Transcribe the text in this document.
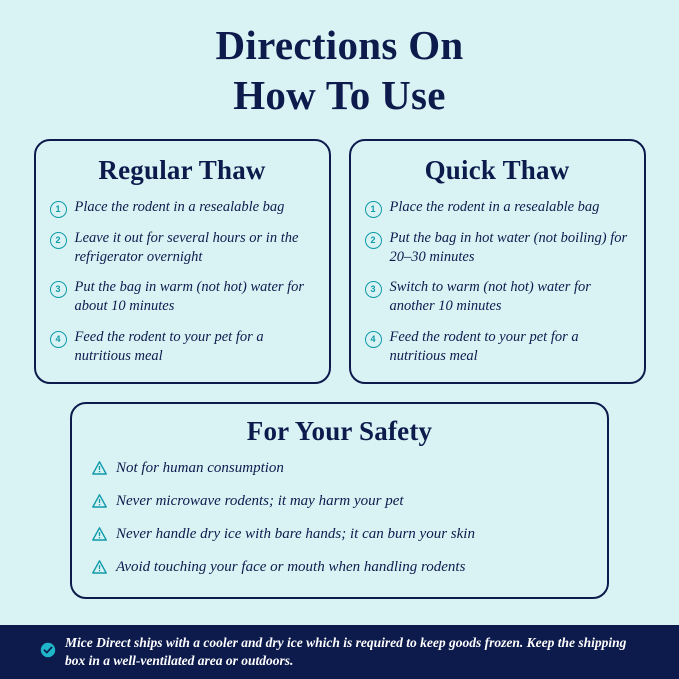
Directions On
How To Use
Regular Thaw
1 Place the rodent in a resealable bag
2 Leave it out for several hours or in the refrigerator overnight
3 Put the bag in warm (not hot) water for about 10 minutes
4 Feed the rodent to your pet for a nutritious meal
Quick Thaw
1 Place the rodent in a resealable bag
2 Put the bag in hot water (not boiling) for 20–30 minutes
3 Switch to warm (not hot) water for another 10 minutes
4 Feed the rodent to your pet for a nutritious meal
For Your Safety
Not for human consumption
Never microwave rodents; it may harm your pet
Never handle dry ice with bare hands; it can burn your skin
Avoid touching your face or mouth when handling rodents
Mice Direct ships with a cooler and dry ice which is required to keep goods frozen. Keep the shipping box in a well-ventilated area or outdoors.
